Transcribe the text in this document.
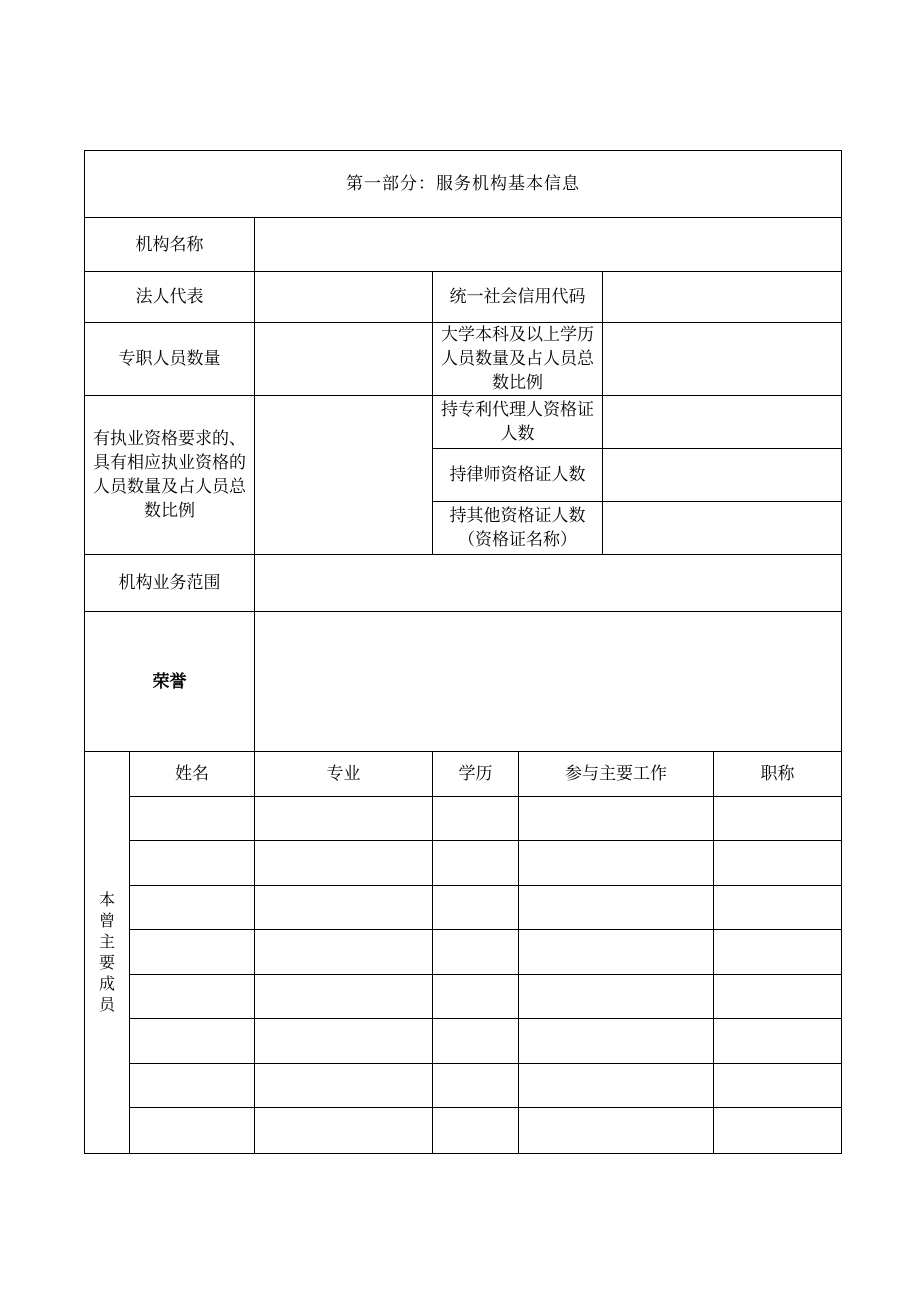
第一部分：服务机构基本信息						
机构名称						
法人代表			统一社会信用代码			
专职人员数量			大学本科及以上学历人员数量及占人员总数比例			
有执业资格要求的、具有相应执业资格的人员数量及占人员总数比例			持专利代理人资格证人数			
			持律师资格证人数			
			持其他资格证人数
（资格证名称）			
机构业务范围						
荣誉						
本曾主要成员	姓名	专业	学历	参与主要工作		职称
